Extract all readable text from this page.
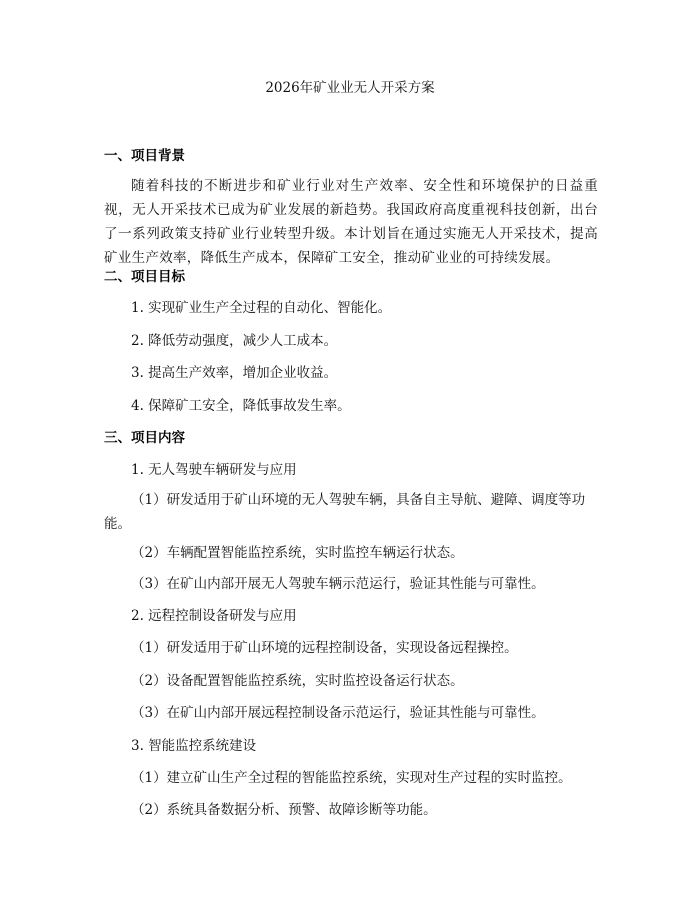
2026年矿业业无人开采方案
一、项目背景
随着科技的不断进步和矿业行业对生产效率、安全性和环境保护的日益重视，无人开采技术已成为矿业发展的新趋势。我国政府高度重视科技创新，出台了一系列政策支持矿业行业转型升级。本计划旨在通过实施无人开采技术，提高矿业生产效率，降低生产成本，保障矿工安全，推动矿业业的可持续发展。
二、项目目标
1. 实现矿业生产全过程的自动化、智能化。
2. 降低劳动强度，减少人工成本。
3. 提高生产效率，增加企业收益。
4. 保障矿工安全，降低事故发生率。
三、项目内容
1. 无人驾驶车辆研发与应用
（1）研发适用于矿山环境的无人驾驶车辆，具备自主导航、避障、调度等功能。
（2）车辆配置智能监控系统，实时监控车辆运行状态。
（3）在矿山内部开展无人驾驶车辆示范运行，验证其性能与可靠性。
2. 远程控制设备研发与应用
（1）研发适用于矿山环境的远程控制设备，实现设备远程操控。
（2）设备配置智能监控系统，实时监控设备运行状态。
（3）在矿山内部开展远程控制设备示范运行，验证其性能与可靠性。
3. 智能监控系统建设
（1）建立矿山生产全过程的智能监控系统，实现对生产过程的实时监控。
（2）系统具备数据分析、预警、故障诊断等功能。
